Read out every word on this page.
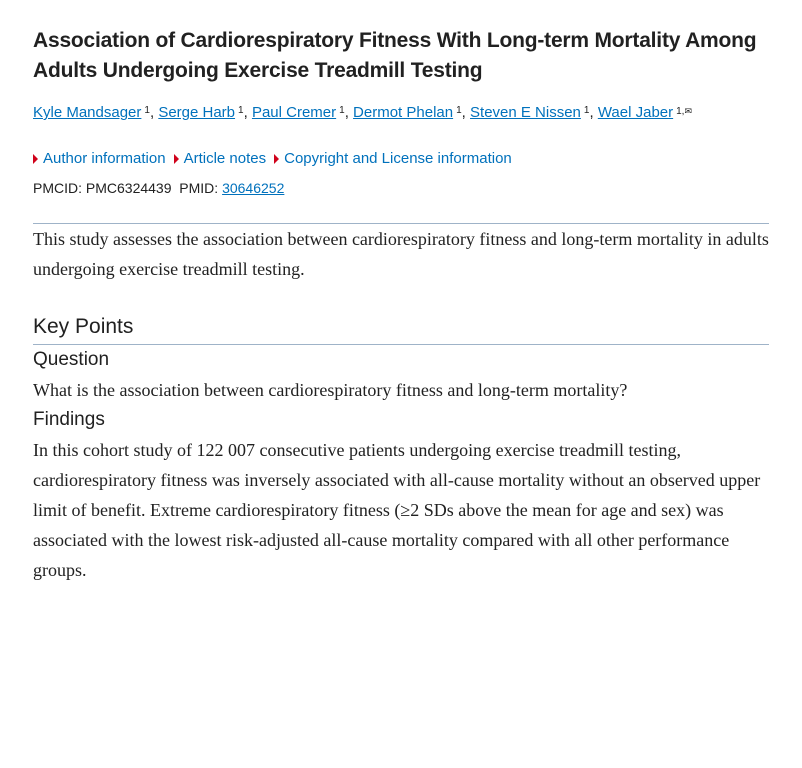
Association of Cardiorespiratory Fitness With Long-term Mortality Among Adults Undergoing Exercise Treadmill Testing
Kyle Mandsager $^1$, Serge Harb $^1$, Paul Cremer $^1$, Dermot Phelan $^1$, Steven E Nissen $^1$, Wael Jaber $^{1,✉}$
Author information Article notes Copyright and License information
PMCID: PMC6324439 PMID: 30646252

This study assesses the association between cardiorespiratory fitness and long-term mortality in adults undergoing exercise treadmill testing.

Key Points
Question

What is the association between cardiorespiratory fitness and long-term mortality?

Findings

In this cohort study of 122 007 consecutive patients undergoing exercise treadmill testing, cardiorespiratory fitness was inversely associated with all-cause mortality without an observed upper limit of benefit. Extreme cardiorespiratory fitness (≥2 SDs above the mean for age and sex) was associated with the lowest risk-adjusted all-cause mortality compared with all other performance groups.
